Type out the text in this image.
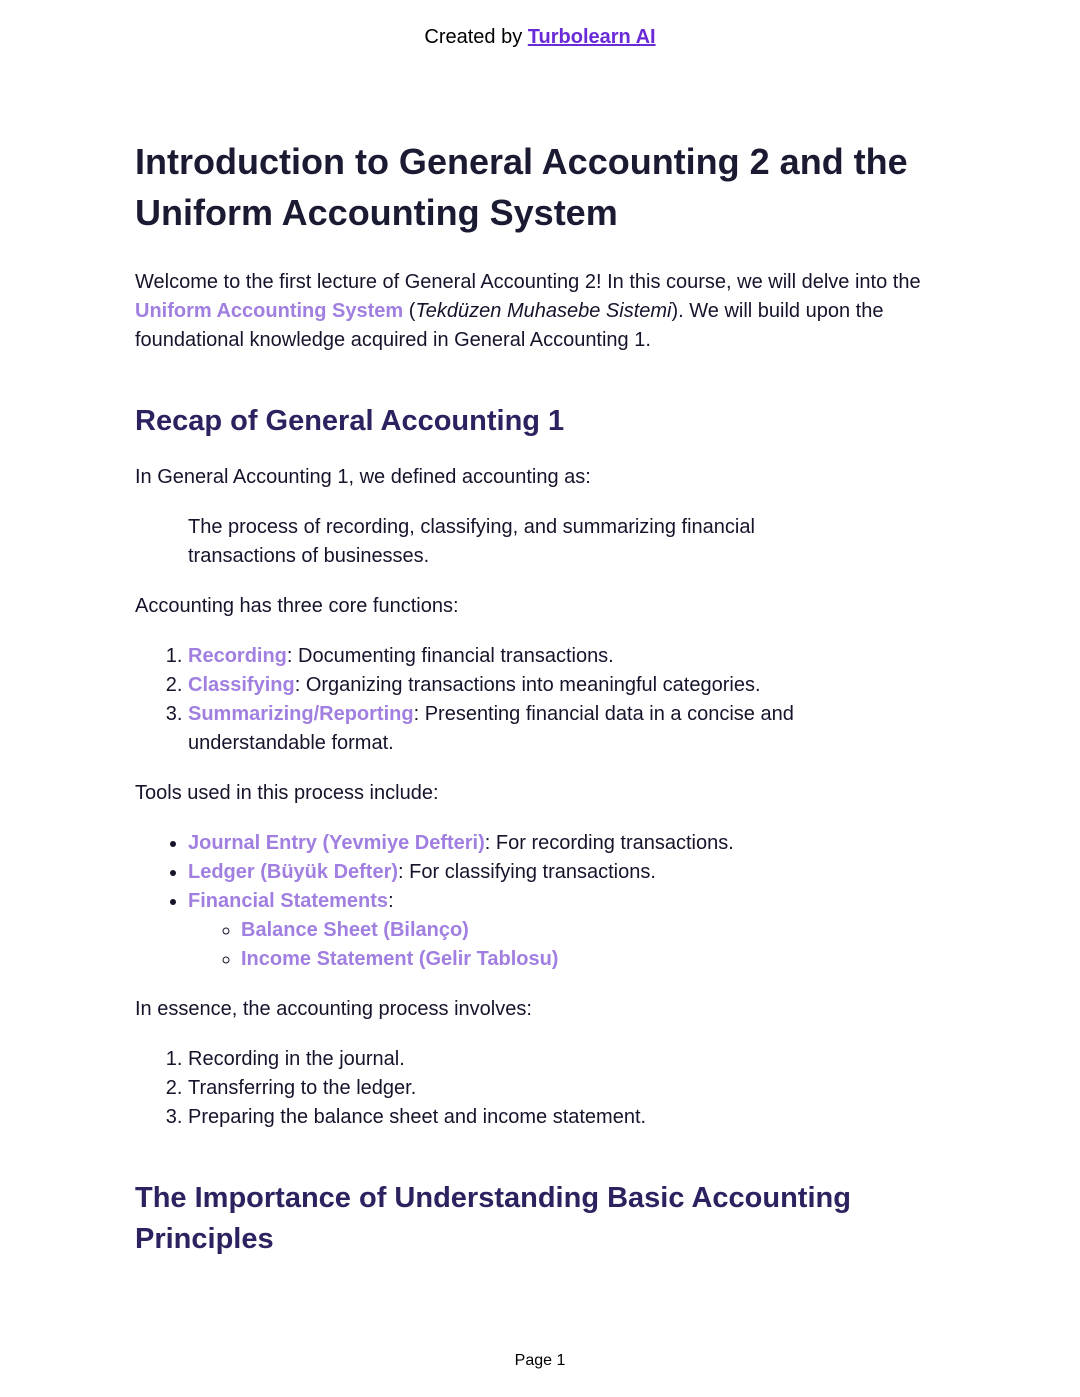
Created by Turbolearn AI
Introduction to General Accounting 2 and the Uniform Accounting System

Welcome to the first lecture of General Accounting 2! In this course, we will delve into the Uniform Accounting System (Tekdüzen Muhasebe Sistemi). We will build upon the foundational knowledge acquired in General Accounting 1.

Recap of General Accounting 1

In General Accounting 1, we defined accounting as:

The process of recording, classifying, and summarizing financial transactions of businesses.

Accounting has three core functions:

1. Recording: Documenting financial transactions.
2. Classifying: Organizing transactions into meaningful categories.
3. Summarizing/Reporting: Presenting financial data in a concise and understandable format.

Tools used in this process include:

• Journal Entry (Yevmiye Defteri): For recording transactions.
• Ledger (Büyük Defter): For classifying transactions.
• Financial Statements:
◦ Balance Sheet (Bilanço)
◦ Income Statement (Gelir Tablosu)

In essence, the accounting process involves:

1. Recording in the journal.
2. Transferring to the ledger.
3. Preparing the balance sheet and income statement.
The Importance of Understanding Basic Accounting Principles
Page 1
